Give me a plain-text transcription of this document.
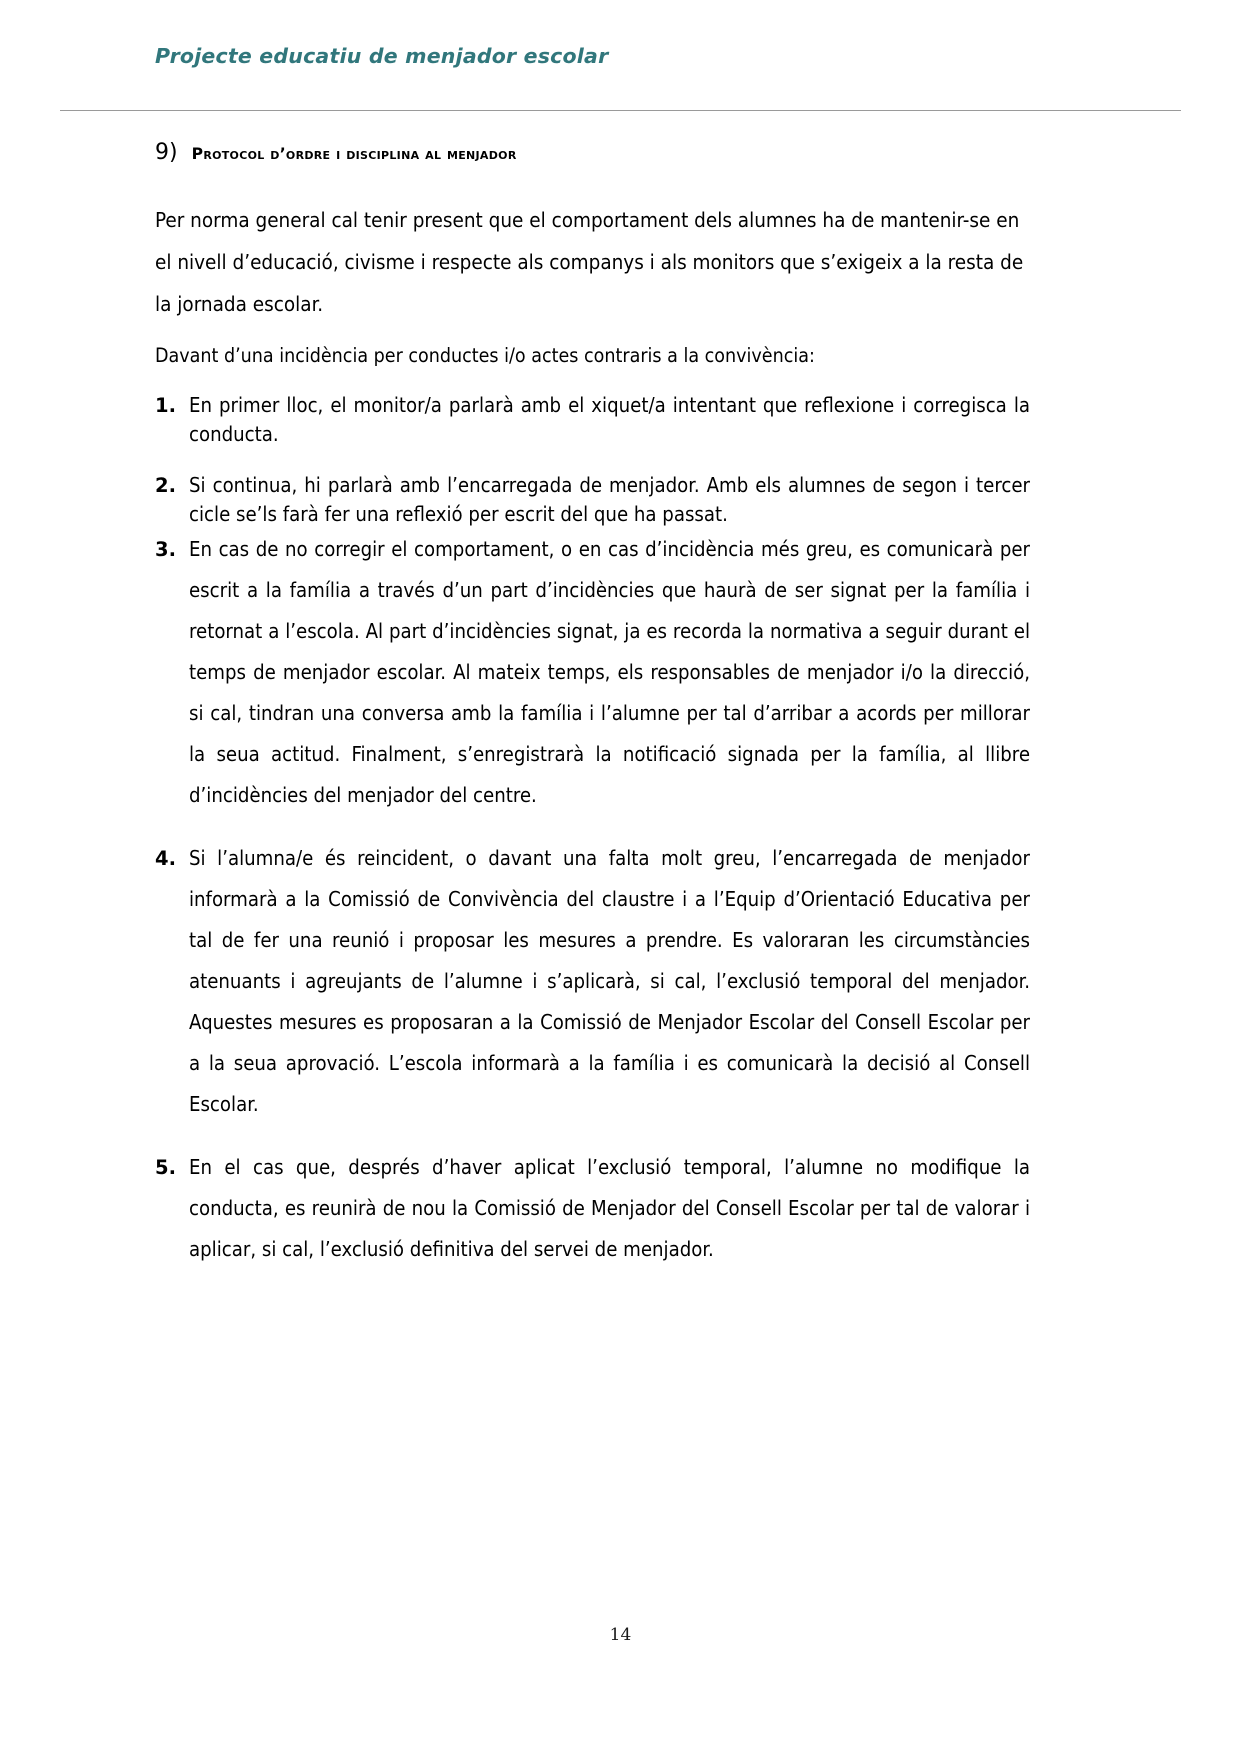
Projecte educatiu de menjador escolar
9) Protocol d’ordre i disciplina al menjador

Per norma general cal tenir present que el comportament dels alumnes ha de mantenir-se en el nivell d’educació, civisme i respecte als companys i als monitors que s’exigeix a la resta de la jornada escolar.

Davant d’una incidència per conductes i/o actes contraris a la convivència:

1. En primer lloc, el monitor/a parlarà amb el xiquet/a intentant que reflexione i corregisca la conducta.
2. Si continua, hi parlarà amb l’encarregada de menjador. Amb els alumnes de segon i tercer cicle se’ls farà fer una reflexió per escrit del que ha passat.
3. En cas de no corregir el comportament, o en cas d’incidència més greu, es comunicarà per escrit a la família a través d’un part d’incidències que haurà de ser signat per la família i retornat a l’escola. Al part d’incidències signat, ja es recorda la normativa a seguir durant el temps de menjador escolar. Al mateix temps, els responsables de menjador i/o la direcció, si cal, tindran una conversa amb la família i l’alumne per tal d’arribar a acords per millorar la seua actitud. Finalment, s’enregistrarà la notificació signada per la família, al llibre d’incidències del menjador del centre.
4. Si l’alumna/e és reincident, o davant una falta molt greu, l’encarregada de menjador informarà a la Comissió de Convivència del claustre i a l’Equip d’Orientació Educativa per tal de fer una reunió i proposar les mesures a prendre. Es valoraran les circumstàncies atenuants i agreujants de l’alumne i s’aplicarà, si cal, l’exclusió temporal del menjador. Aquestes mesures es proposaran a la Comissió de Menjador Escolar del Consell Escolar per a la seua aprovació. L’escola informarà a la família i es comunicarà la decisió al Consell Escolar.
5. En el cas que, després d’haver aplicat l’exclusió temporal, l’alumne no modifique la conducta, es reunirà de nou la Comissió de Menjador del Consell Escolar per tal de valorar i aplicar, si cal, l’exclusió definitiva del servei de menjador.
14
